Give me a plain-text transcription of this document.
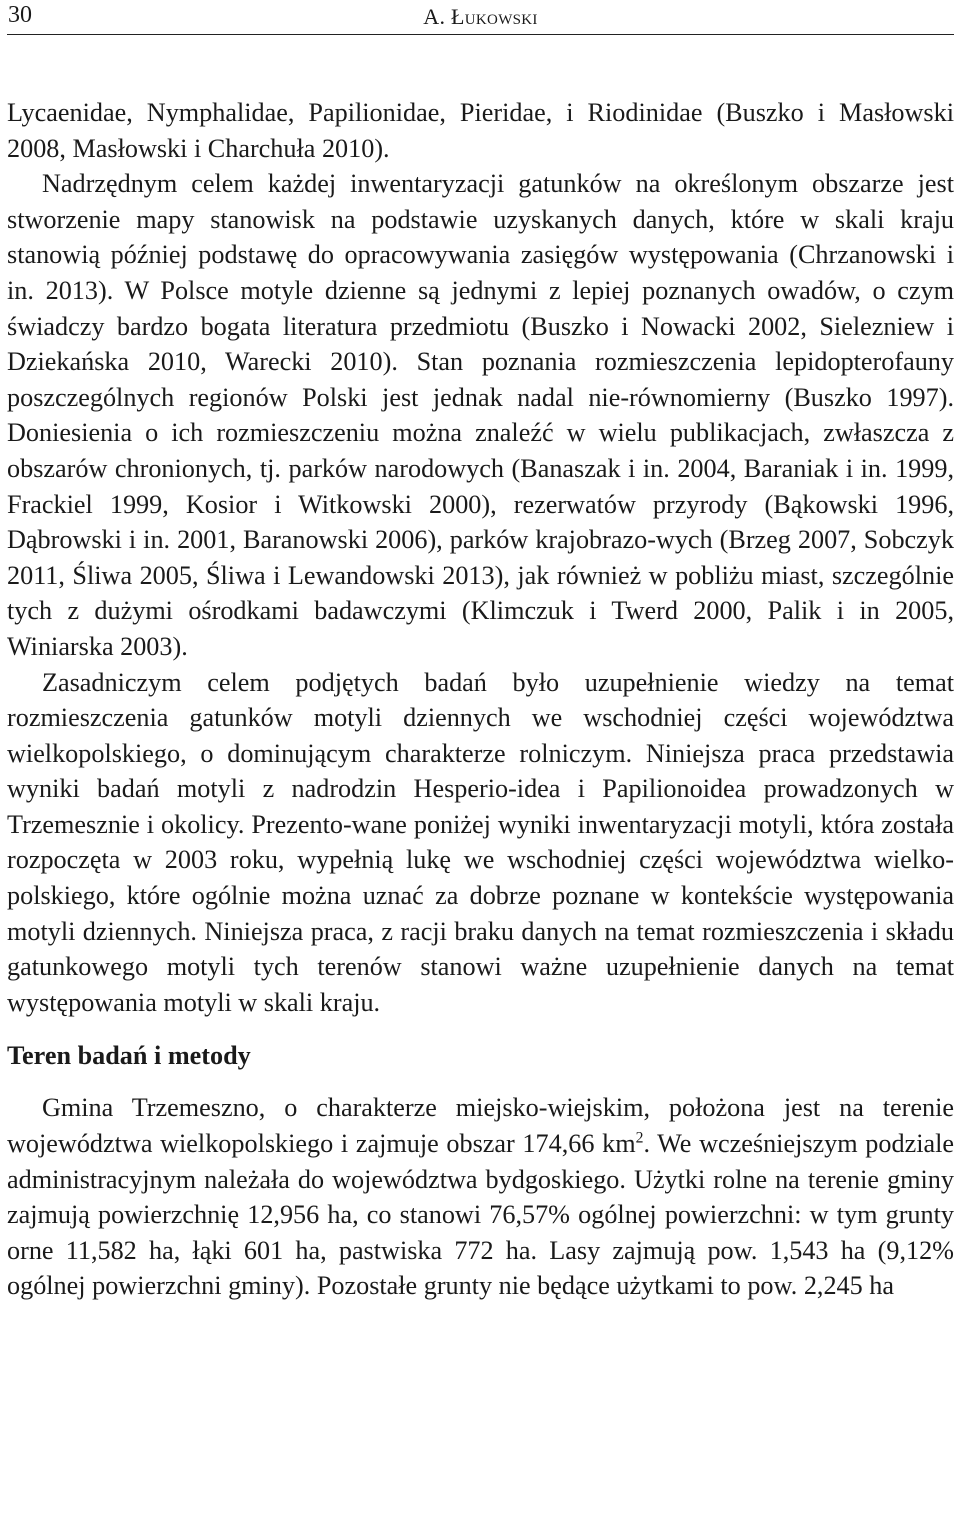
30	A. Łukowski

Lycaenidae, Nymphalidae, Papilionidae, Pieridae, i Riodinidae (Buszko i Masłowski 2008, Masłowski i Charchuła 2010).

Nadrzędnym celem każdej inwentaryzacji gatunków na określonym obszarze jest stworzenie mapy stanowisk na podstawie uzyskanych danych, które w skali kraju stanowią później podstawę do opracowywania zasięgów występowania (Chrzanowski i in. 2013). W Polsce motyle dzienne są jednymi z lepiej poznanych owadów, o czym świadczy bardzo bogata literatura przedmiotu (Buszko i Nowacki 2002, Sielezniew i Dziekańska 2010, Warecki 2010). Stan poznania rozmieszczenia lepidopterofauny poszczególnych regionów Polski jest jednak nadal nie-równomierny (Buszko 1997). Doniesienia o ich rozmieszczeniu można znaleźć w wielu publikacjach, zwłaszcza z obszarów chronionych, tj. parków narodowych (Banaszak i in. 2004, Baraniak i in. 1999, Frackiel 1999, Kosior i Witkowski 2000), rezerwatów przyrody (Bąkowski 1996, Dąbrowski i in. 2001, Baranowski 2006), parków krajobrazo-wych (Brzeg 2007, Sobczyk 2011, Śliwa 2005, Śliwa i Lewandowski 2013), jak również w pobliżu miast, szczególnie tych z dużymi ośrodkami badawczymi (Klimczuk i Twerd 2000, Palik i in 2005, Winiarska 2003).

Zasadniczym celem podjętych badań było uzupełnienie wiedzy na temat rozmieszczenia gatunków motyli dziennych we wschodniej części województwa wielkopolskiego, o dominującym charakterze rolniczym. Niniejsza praca przedstawia wyniki badań motyli z nadrodzin Hesperio-idea i Papilionoidea prowadzonych w Trzemesznie i okolicy. Prezento-wane poniżej wyniki inwentaryzacji motyli, która została rozpoczęta w 2003 roku, wypełnią lukę we wschodniej części województwa wielko-polskiego, które ogólnie można uznać za dobrze poznane w kontekście występowania motyli dziennych. Niniejsza praca, z racji braku danych na temat rozmieszczenia i składu gatunkowego motyli tych terenów stanowi ważne uzupełnienie danych na temat występowania motyli w skali kraju.

Teren badań i metody

Gmina Trzemeszno, o charakterze miejsko-wiejskim, położona jest na terenie województwa wielkopolskiego i zajmuje obszar 174,66 $km^2$. We wcześniejszym podziale administracyjnym należała do województwa bydgoskiego. Użytki rolne na terenie gminy zajmują powierzchnię 12,956 ha, co stanowi 76,57% ogólnej powierzchni: w tym grunty orne 11,582 ha, łąki 601 ha, pastwiska 772 ha. Lasy zajmują pow. 1,543 ha (9,12% ogólnej powierzchni gminy). Pozostałe grunty nie będące użytkami to pow. 2,245 ha
